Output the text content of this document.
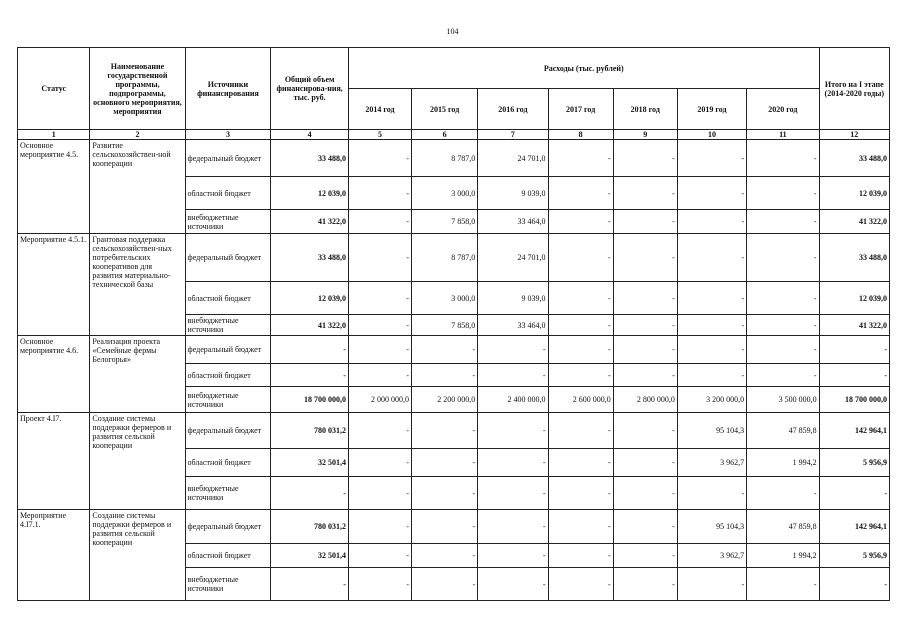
104
Статус	Наименование государственной программы, подпрограммы, основного мероприятия, мероприятия	Источники финансирования	Общий объем финансирова-ния, тыс. руб.	Расходы (тыс. рублей)							Итого на I этапе (2014-2020 годы)
				2014 год	2015 год	2016 год	2017 год	2018 год	2019 год	2020 год	
1	2	3	4	5	6	7	8	9	10	11	12
Основное мероприятие 4.5.	Развитие сельскохозяйствен-ной кооперации	федеральный бюджет	33 488,0	-	8 787,0	24 701,0	-	-	-	-	33 488,0
		областной бюджет	12 039,0	-	3 000,0	9 039,0	-	-	-	-	12 039,0
		внебюджетные источники	41 322,0	-	7 858,0	33 464,0	-	-	-	-	41 322,0
Мероприятие 4.5.1.	Грантовая поддержка сельскохозяйствен-ных потребительских кооперативов для развития материально-технической базы	федеральный бюджет	33 488,0	-	8 787,0	24 701,0	-	-	-	-	33 488,0
		областной бюджет	12 039,0	-	3 000,0	9 039,0	-	-	-	-	12 039,0
		внебюджетные источники	41 322,0	-	7 858,0	33 464,0	-	-	-	-	41 322,0
Основное мероприятие 4.6.	Реализация проекта «Семейные фермы Белогорья»	федеральный бюджет	-	-	-	-	-	-	-	-	-
		областной бюджет	-	-	-	-	-	-	-	-	-
		внебюджетные источники	18 700 000,0	2 000 000,0	2 200 000,0	2 400 000,0	2 600 000,0	2 800 000,0	3 200 000,0	3 500 000,0	18 700 000,0
Проект 4.I7.	Создание системы поддержки фермеров и развития сельской кооперации	федеральный бюджет	780 031,2	-	-	-	-	-	95 104,3	47 859,8	142 964,1
		областной бюджет	32 501,4	-	-	-	-	-	3 962,7	1 994,2	5 956,9
		внебюджетные источники	-	-	-	-	-	-	-	-	-
Мероприятие 4.I7.1.	Создание системы поддержки фермеров и развития сельской кооперации	федеральный бюджет	780 031,2	-	-	-	-	-	95 104,3	47 859,8	142 964,1
		областной бюджет	32 501,4	-	-	-	-	-	3 962,7	1 994,2	5 956,9
		внебюджетные источники	-	-	-	-	-	-	-	-	-
